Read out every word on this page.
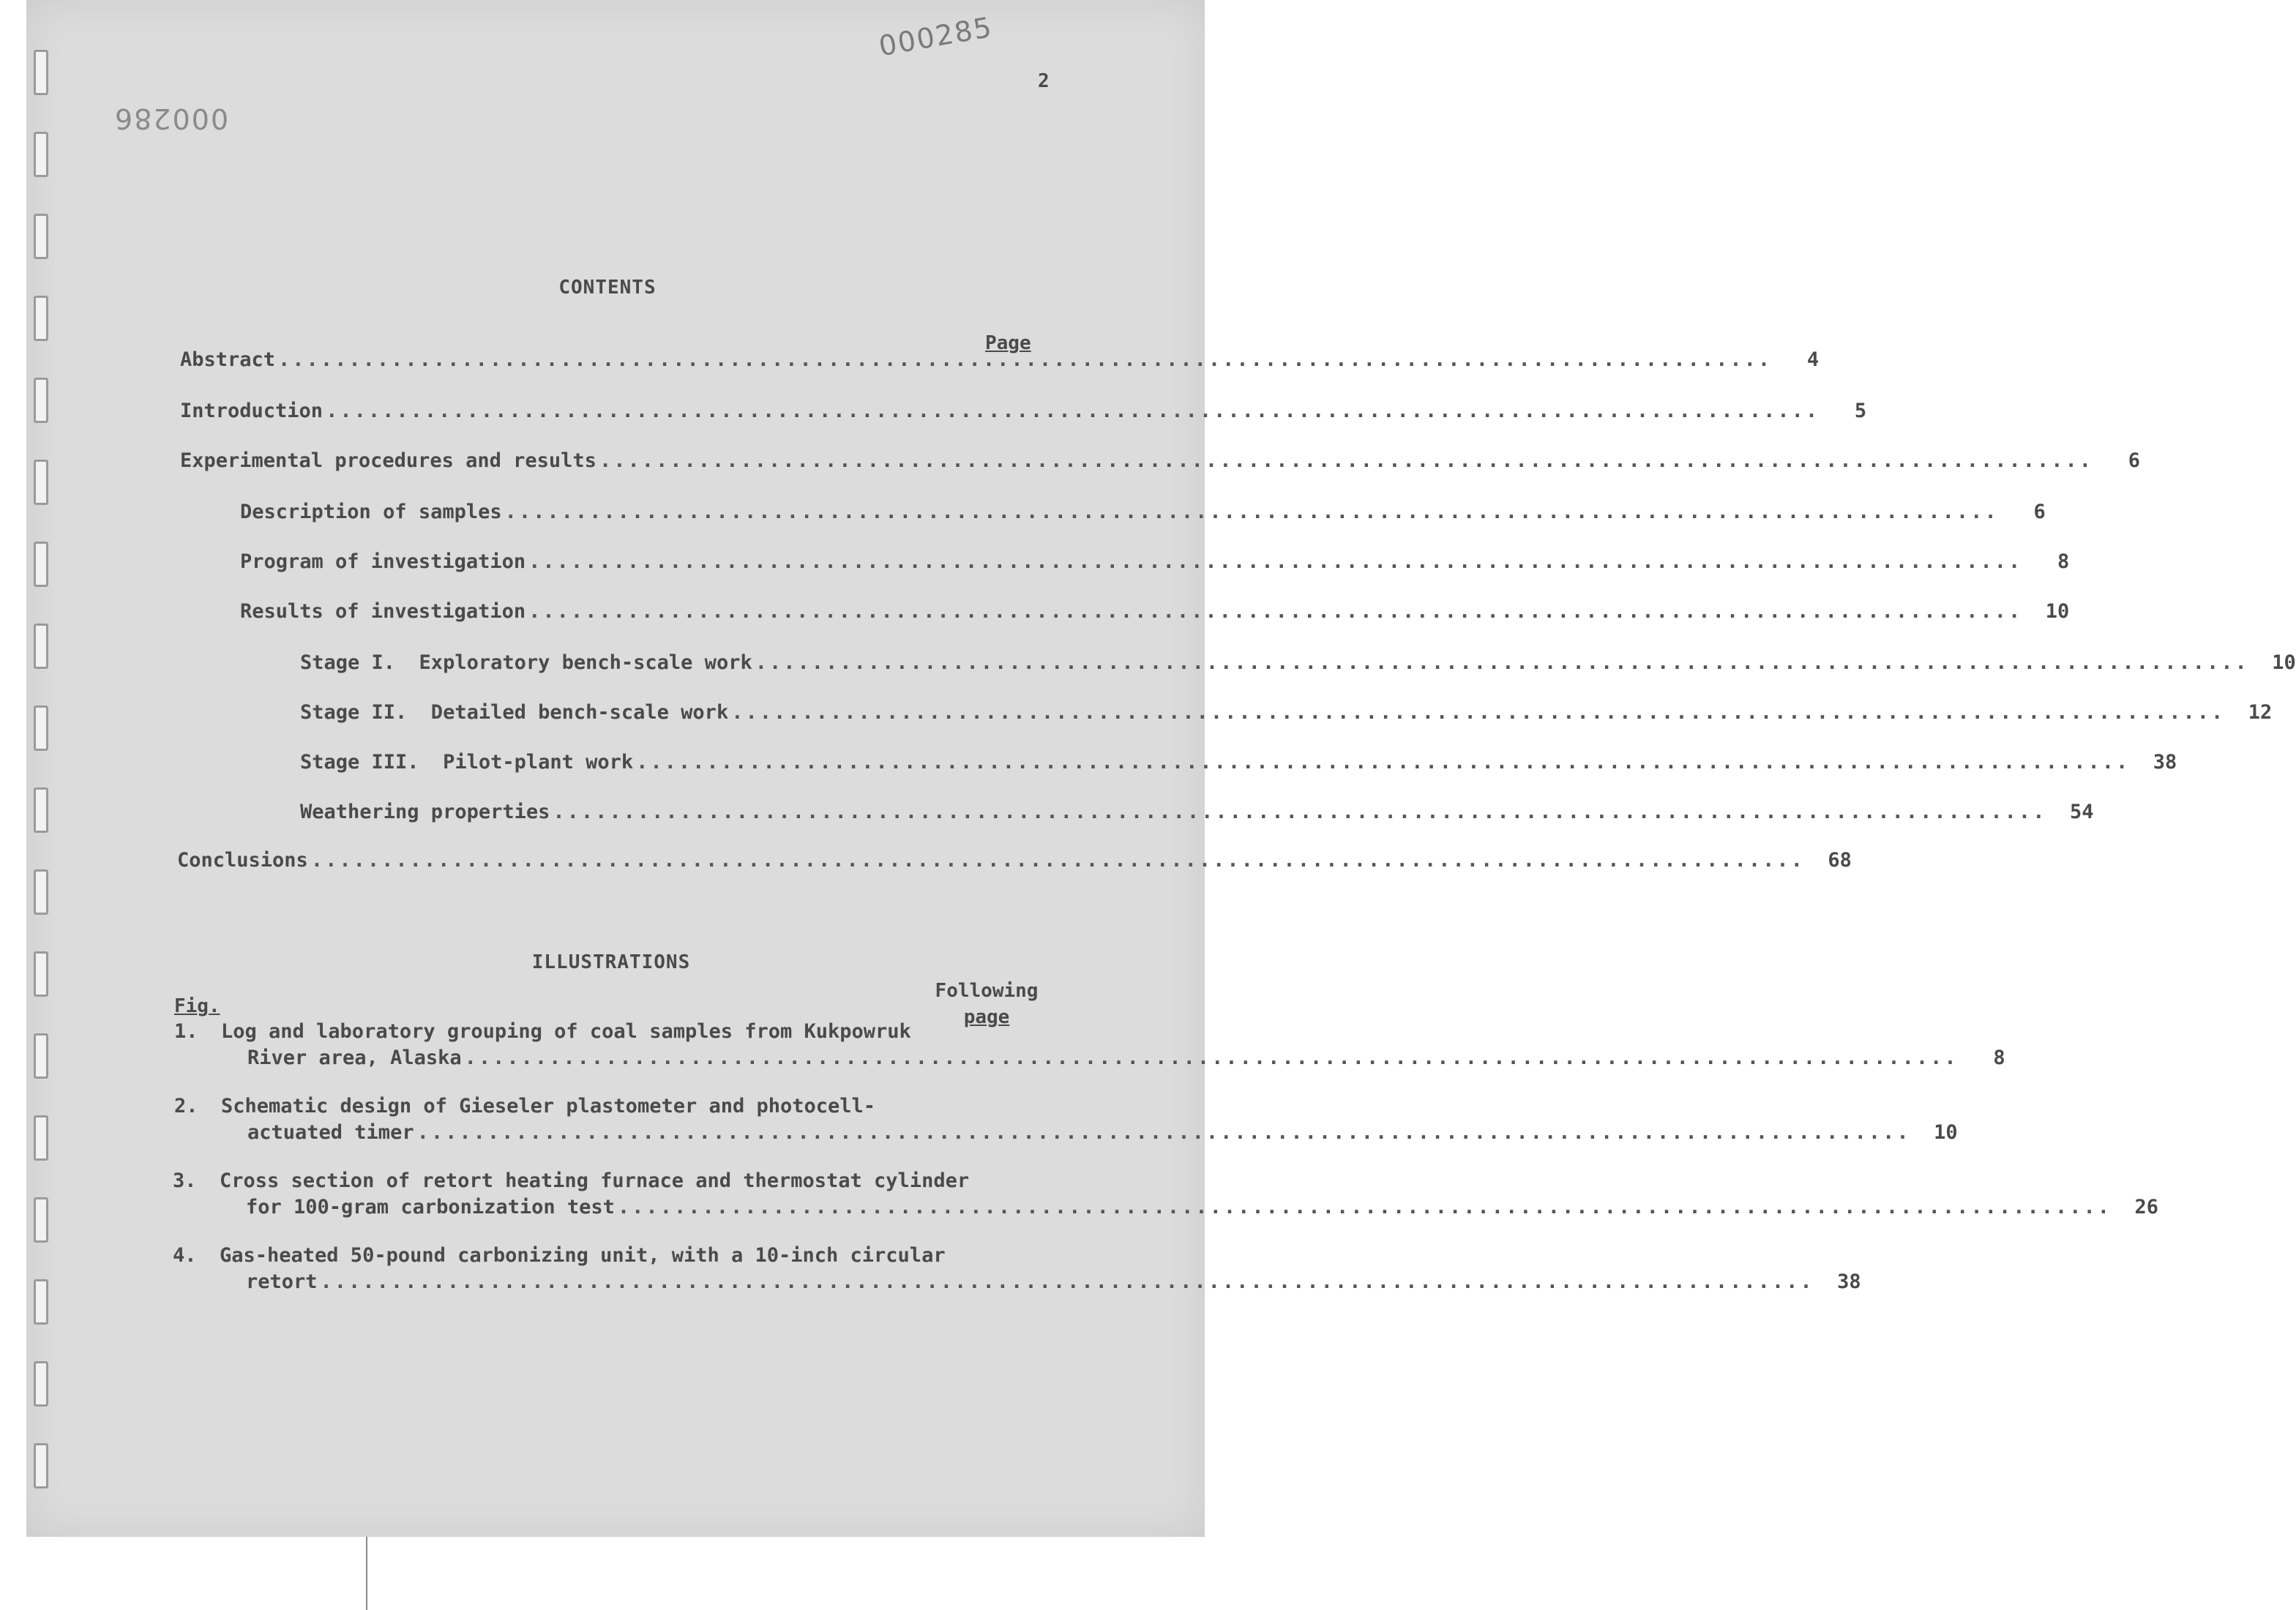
000285
000286
2
CONTENTS
Page
Abstract ..........................................................................................................	4
Introduction ..........................................................................................................	5
Experimental procedures and results ..........................................................................................................	6
Description of samples ..........................................................................................................	6
Program of investigation ..........................................................................................................	8
Results of investigation ..........................................................................................................	10
Stage I.  Exploratory bench-scale work ..........................................................................................................	10
Stage II.  Detailed bench-scale work ..........................................................................................................	12
Stage III.  Pilot-plant work ..........................................................................................................	38
Weathering properties ..........................................................................................................	54
Conclusions ..........................................................................................................	68
ILLUSTRATIONS
Following
page
Fig.
1. Log and laboratory grouping of coal samples from Kukpowruk
River area, Alaska ..........................................................................................................	8
2. Schematic design of Gieseler plastometer and photocell-
actuated timer ..........................................................................................................	10
3. Cross section of retort heating furnace and thermostat cylinder
for 100-gram carbonization test ..........................................................................................................	26
4. Gas-heated 50-pound carbonizing unit, with a 10-inch circular
retort ..........................................................................................................	38
